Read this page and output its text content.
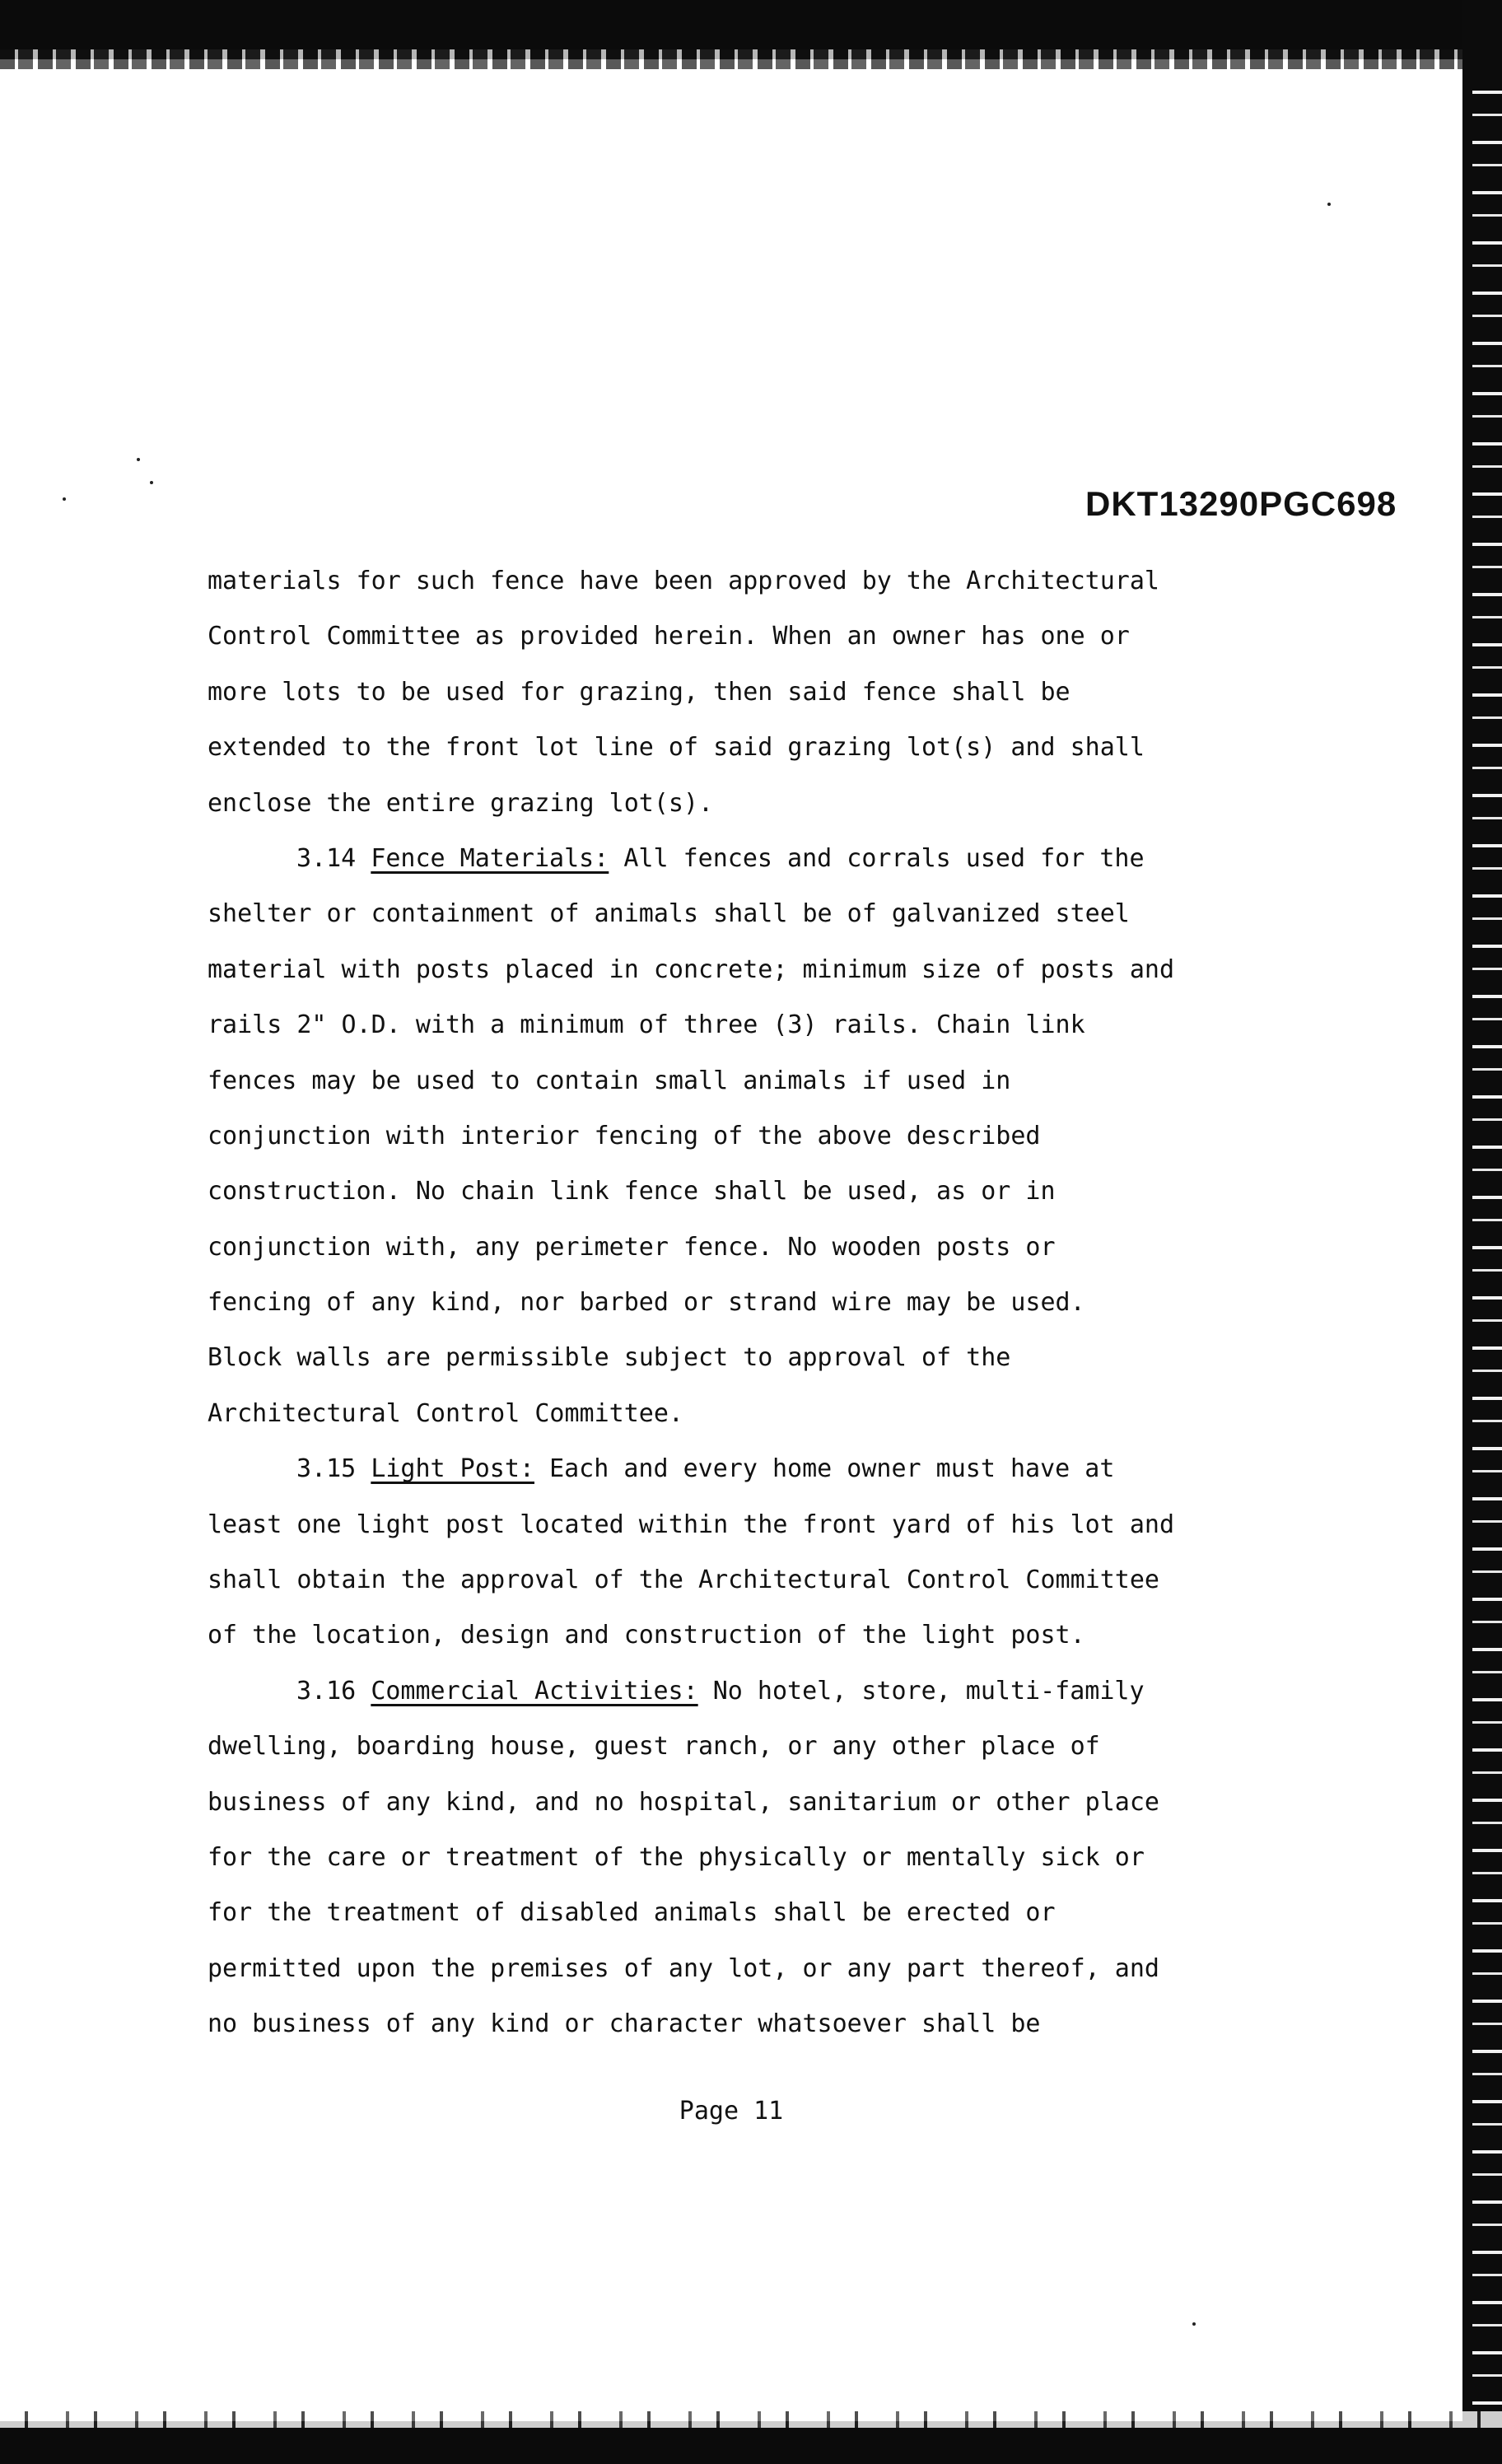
DKT13290PGC698
materials for such fence have been approved by the Architectural
Control Committee as provided herein. When an owner has one or
more lots to be used for grazing, then said fence shall be
extended to the front lot line of said grazing lot(s) and shall
enclose the entire grazing lot(s).
3.14 Fence Materials: All fences and corrals used for the
shelter or containment of animals shall be of galvanized steel
material with posts placed in concrete; minimum size of posts and
rails 2" O.D. with a minimum of three (3) rails. Chain link
fences may be used to contain small animals if used in
conjunction with interior fencing of the above described
construction. No chain link fence shall be used, as or in
conjunction with, any perimeter fence. No wooden posts or
fencing of any kind, nor barbed or strand wire may be used.
Block walls are permissible subject to approval of the
Architectural Control Committee.
3.15 Light Post: Each and every home owner must have at
least one light post located within the front yard of his lot and
shall obtain the approval of the Architectural Control Committee
of the location, design and construction of the light post.
3.16 Commercial Activities: No hotel, store, multi-family
dwelling, boarding house, guest ranch, or any other place of
business of any kind, and no hospital, sanitarium or other place
for the care or treatment of the physically or mentally sick or
for the treatment of disabled animals shall be erected or
permitted upon the premises of any lot, or any part thereof, and
no business of any kind or character whatsoever shall be
Page 11
